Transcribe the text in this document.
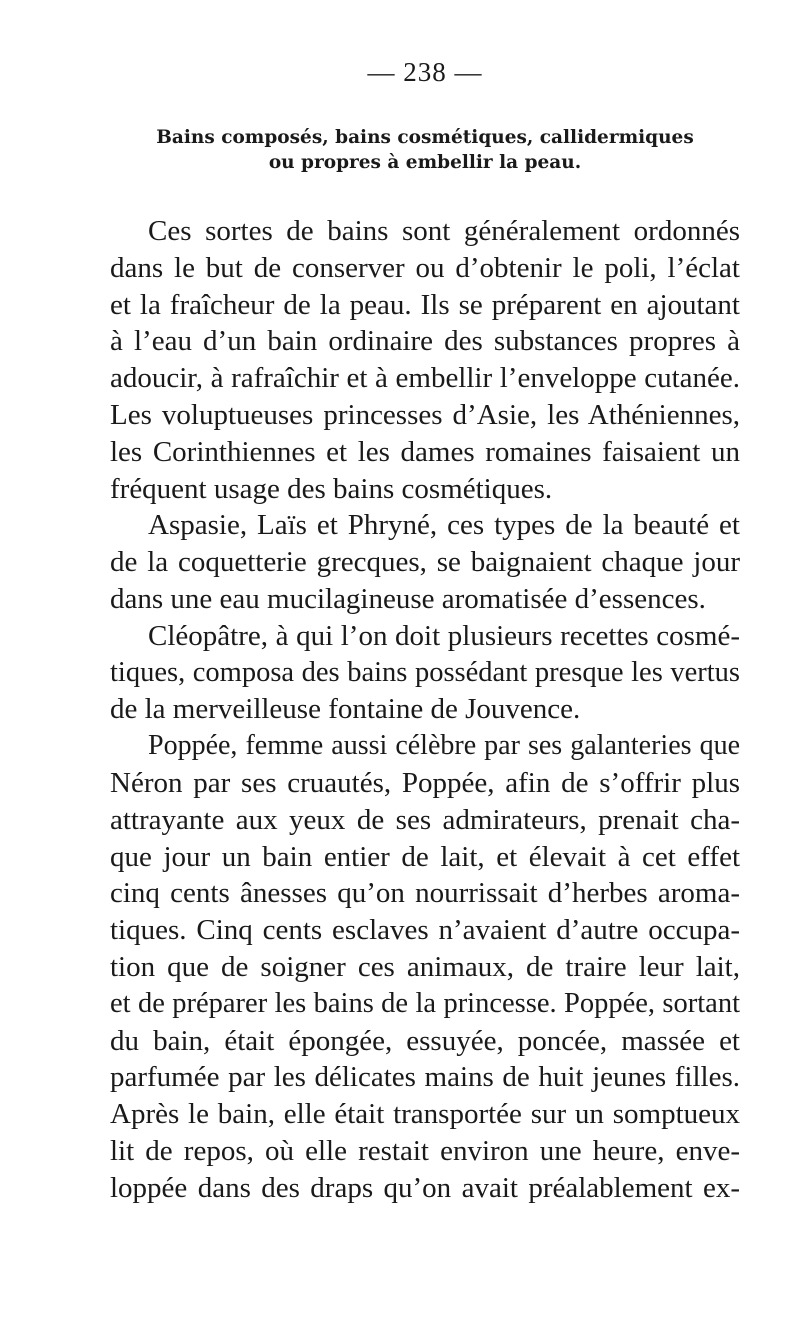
— 238 —
Bains composés, bains cosmétiques, callidermiques
ou propres à embellir la peau.
Ces sortes de bains sont généralement ordonnés
dans le but de conserver ou d’obtenir le poli, l’éclat
et la fraîcheur de la peau. Ils se préparent en ajoutant
à l’eau d’un bain ordinaire des substances propres à
adoucir, à rafraîchir et à embellir l’enveloppe cutanée.
Les voluptueuses princesses d’Asie, les Athéniennes,
les Corinthiennes et les dames romaines faisaient un
fréquent usage des bains cosmétiques.
Aspasie, Laïs et Phryné, ces types de la beauté et
de la coquetterie grecques, se baignaient chaque jour
dans une eau mucilagineuse aromatisée d’essences.
Cléopâtre, à qui l’on doit plusieurs recettes cosmé-
tiques, composa des bains possédant presque les vertus
de la merveilleuse fontaine de Jouvence.
Poppée, femme aussi célèbre par ses galanteries que
Néron par ses cruautés, Poppée, afin de s’offrir plus
attrayante aux yeux de ses admirateurs, prenait cha-
que jour un bain entier de lait, et élevait à cet effet
cinq cents ânesses qu’on nourrissait d’herbes aroma-
tiques. Cinq cents esclaves n’avaient d’autre occupa-
tion que de soigner ces animaux, de traire leur lait,
et de préparer les bains de la princesse. Poppée, sortant
du bain, était épongée, essuyée, poncée, massée et
parfumée par les délicates mains de huit jeunes filles.
Après le bain, elle était transportée sur un somptueux
lit de repos, où elle restait environ une heure, enve-
loppée dans des draps qu’on avait préalablement ex-
